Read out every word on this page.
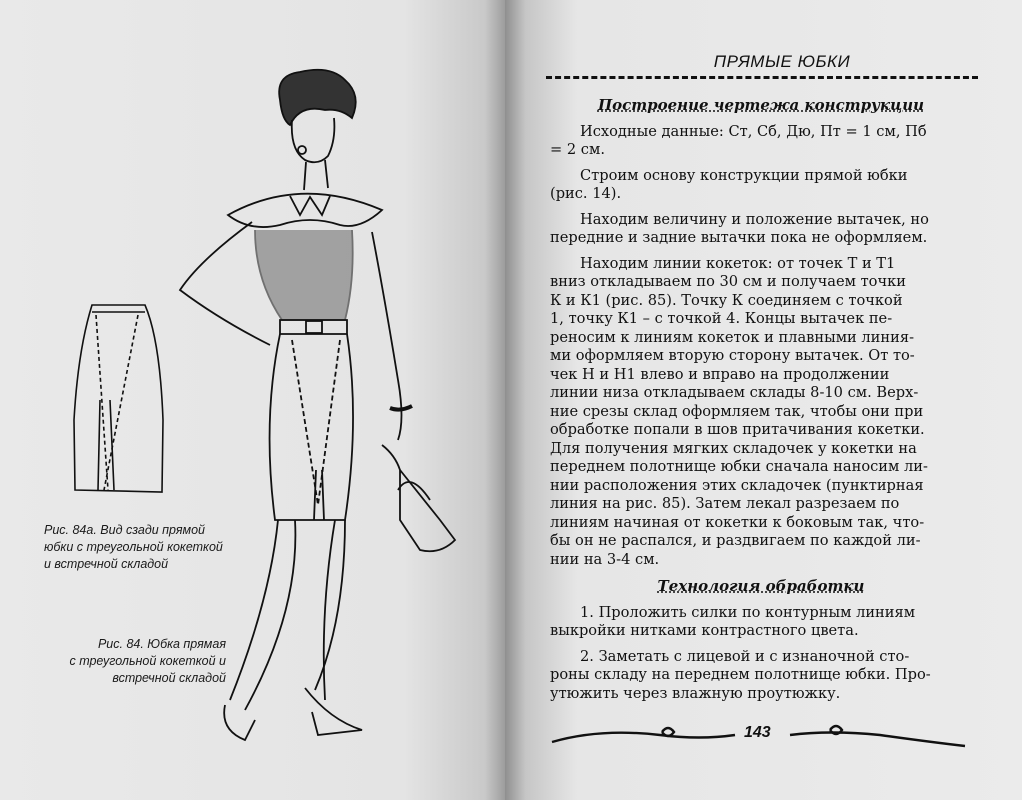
Рис. 84а. Вид сзади прямой
юбки с треугольной кокеткой
и встречной складой
Рис. 84. Юбка прямая
с треугольной кокеткой и
встречной складой
ПРЯМЫЕ ЮБКИ
Построение чертежа конструкции

Исходные данные: Ст, Сб, Дю, Пт = 1 см, Пб
= 2 см.

Строим основу конструкции прямой юбки
(рис. 14).

Находим величину и положение вытачек, но
передние и задние вытачки пока не оформляем.

Находим линии кокеток: от точек Т и Т1
вниз откладываем по 30 см и получаем точки
К и К1 (рис. 85). Точку К соединяем с точкой
1, точку К1 – с точкой 4. Концы вытачек пе-
реносим к линиям кокеток и плавными линия-
ми оформляем вторую сторону вытачек. От то-
чек Н и Н1 влево и вправо на продолжении
линии низа откладываем склады 8-10 см. Верх-
ние срезы склад оформляем так, чтобы они при
обработке попали в шов притачивания кокетки.
Для получения мягких складочек у кокетки на
переднем полотнище юбки сначала наносим ли-
нии расположения этих складочек (пунктирная
линия на рис. 85). Затем лекал разрезаем по
линиям начиная от кокетки к боковым так, что-
бы он не распался, и раздвигаем по каждой ли-
нии на 3-4 см.

Технология обработки

1. Проложить силки по контурным линиям
выкройки нитками контрастного цвета.

2. Заметать с лицевой и с изнаночной сто-
роны складу на переднем полотнище юбки. Про-
утюжить через влажную проутюжку.

143
